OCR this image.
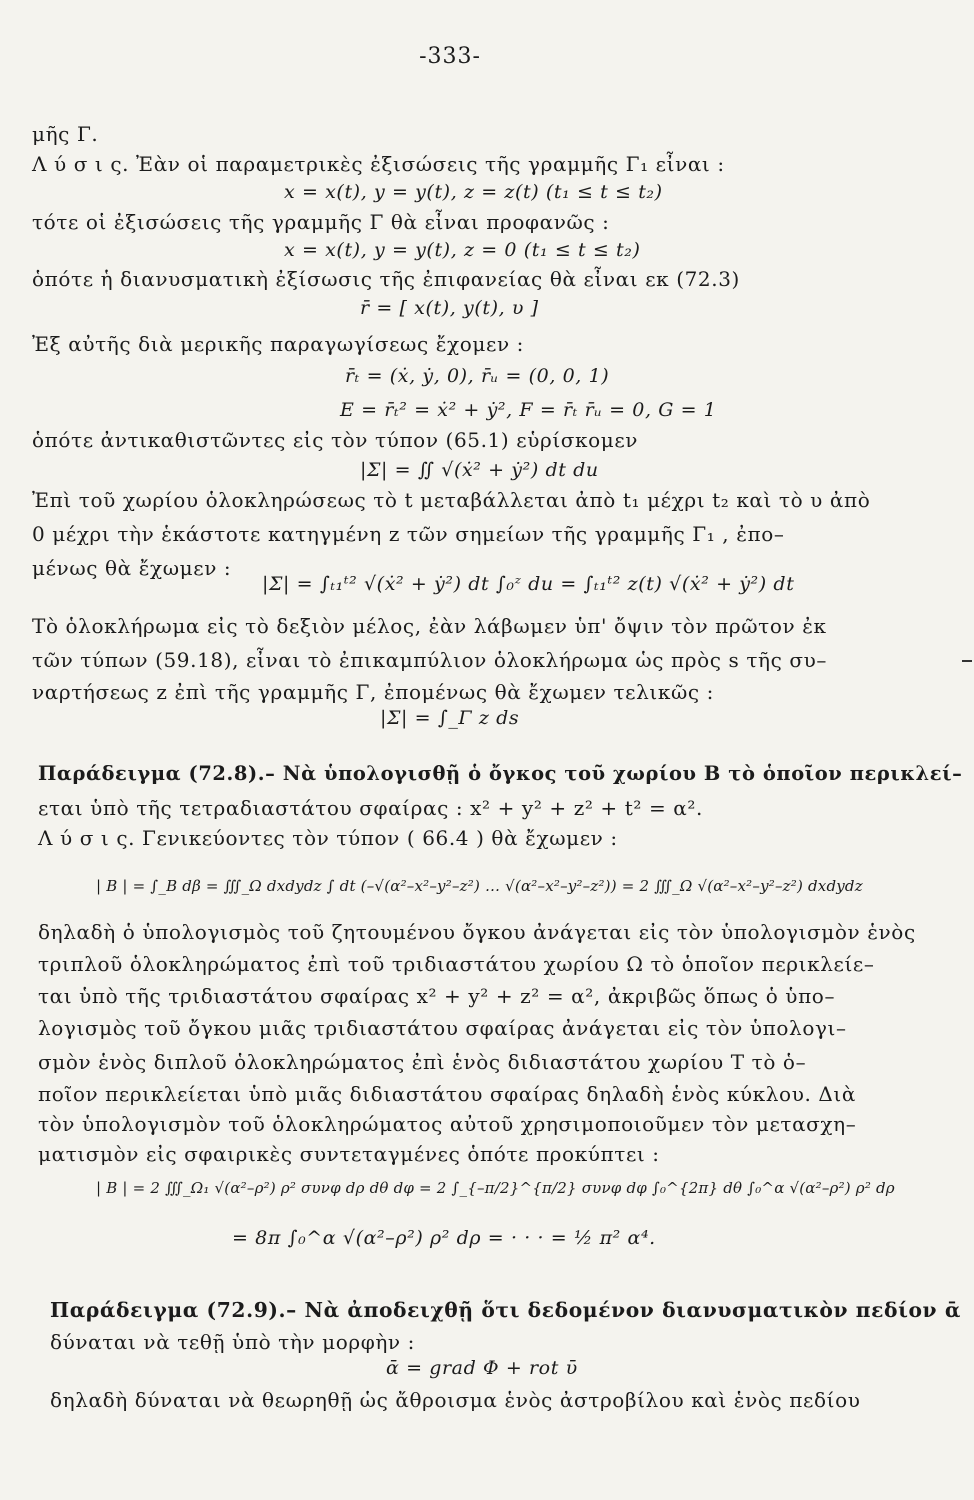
-333-
μῆς Γ.
Λ ύ σ ι ς. Ἐὰν οἱ παραμετρικὲς ἐξισώσεις τῆς γραμμῆς Γ₁ εἶναι :
x = x(t), y = y(t), z = z(t) (t₁ ≤ t ≤ t₂)
τότε οἱ ἐξισώσεις τῆς γραμμῆς Γ θὰ εἶναι προφανῶς :
x = x(t), y = y(t), z = 0 (t₁ ≤ t ≤ t₂)
ὁπότε ἡ διανυσματικὴ ἐξίσωσις τῆς ἐπιφανείας θὰ εἶναι εκ (72.3)
r̄ = [ x(t), y(t), υ ]
Ἐξ αὐτῆς διὰ μερικῆς παραγωγίσεως ἔχομεν :
r̄ₜ = (ẋ, ẏ, 0), r̄ᵤ = (0, 0, 1)
E = r̄ₜ² = ẋ² + ẏ², F = r̄ₜ r̄ᵤ = 0, G = 1
ὁπότε ἀντικαθιστῶντες εἰς τὸν τύπον (65.1) εὑρίσκομεν
|Σ| = ∬ √(ẋ² + ẏ²) dt du
Ἐπὶ τοῦ χωρίου ὁλοκληρώσεως τὸ t μεταβάλλεται ἀπὸ t₁ μέχρι t₂ καὶ τὸ υ ἀπὸ
0 μέχρι τὴν ἑκάστοτε κατηγμένη z τῶν σημείων τῆς γραμμῆς Γ₁ , ἐπο–
μένως θὰ ἔχωμεν :
|Σ| = ∫ₜ₁ᵗ² √(ẋ² + ẏ²) dt ∫₀ᶻ du = ∫ₜ₁ᵗ² z(t) √(ẋ² + ẏ²) dt
Τὸ ὁλοκλήρωμα εἰς τὸ δεξιὸν μέλος, ἐὰν λάβωμεν ὑπ' ὄψιν τὸν πρῶτον ἐκ
τῶν τύπων (59.18), εἶναι τὸ ἐπικαμπύλιον ὁλοκλήρωμα ὡς πρὸς s τῆς συ–
ναρτήσεως z ἐπὶ τῆς γραμμῆς Γ, ἐπομένως θὰ ἔχωμεν τελικῶς :
|Σ| = ∫_Γ z ds
Παράδειγμα (72.8).– Νὰ ὑπολογισθῇ ὁ ὄγκος τοῦ χωρίου B τὸ ὁποῖον περικλεί–
εται ὑπὸ τῆς τετραδιαστάτου σφαίρας : x² + y² + z² + t² = α².
Λ ύ σ ι ς. Γενικεύοντες τὸν τύπον ( 66.4 ) θὰ ἔχωμεν :
| B | = ∫_B dβ = ∭_Ω dxdydz ∫ dt (–√(α²–x²–y²–z²) … √(α²–x²–y²–z²)) = 2 ∭_Ω √(α²–x²–y²–z²) dxdydz
δηλαδὴ ὁ ὑπολογισμὸς τοῦ ζητουμένου ὄγκου ἀνάγεται εἰς τὸν ὑπολογισμὸν ἑνὸς
τριπλοῦ ὁλοκληρώματος ἐπὶ τοῦ τριδιαστάτου χωρίου Ω τὸ ὁποῖον περικλείε–
ται ὑπὸ τῆς τριδιαστάτου σφαίρας x² + y² + z² = α², ἀκριβῶς ὅπως ὁ ὑπο–
λογισμὸς τοῦ ὄγκου μιᾶς τριδιαστάτου σφαίρας ἀνάγεται εἰς τὸν ὑπολογι–
σμὸν ἑνὸς διπλοῦ ὁλοκληρώματος ἐπὶ ἑνὸς διδιαστάτου χωρίου T τὸ ὁ–
ποῖον περικλείεται ὑπὸ μιᾶς διδιαστάτου σφαίρας δηλαδὴ ἑνὸς κύκλου. Διὰ
τὸν ὑπολογισμὸν τοῦ ὁλοκληρώματος αὐτοῦ χρησιμοποιοῦμεν τὸν μετασχη–
ματισμὸν εἰς σφαιρικὲς συντεταγμένες ὁπότε προκύπτει :
| B | = 2 ∭_Ω₁ √(α²–ρ²) ρ² συνφ dρ dθ dφ = 2 ∫_{–π/2}^{π/2} συνφ dφ ∫₀^{2π} dθ ∫₀^α √(α²–ρ²) ρ² dρ
= 8π ∫₀^α √(α²–ρ²) ρ² dρ = · · · = ½ π² α⁴.
Παράδειγμα (72.9).– Νὰ ἀποδειχθῇ ὅτι δεδομένον διανυσματικὸν πεδίον ᾱ
δύναται νὰ τεθῇ ὑπὸ τὴν μορφὴν :
ᾱ = grad Φ + rot ῡ
δηλαδὴ δύναται νὰ θεωρηθῇ ὡς ἄθροισμα ἑνὸς ἀστροβίλου καὶ ἑνὸς πεδίου
